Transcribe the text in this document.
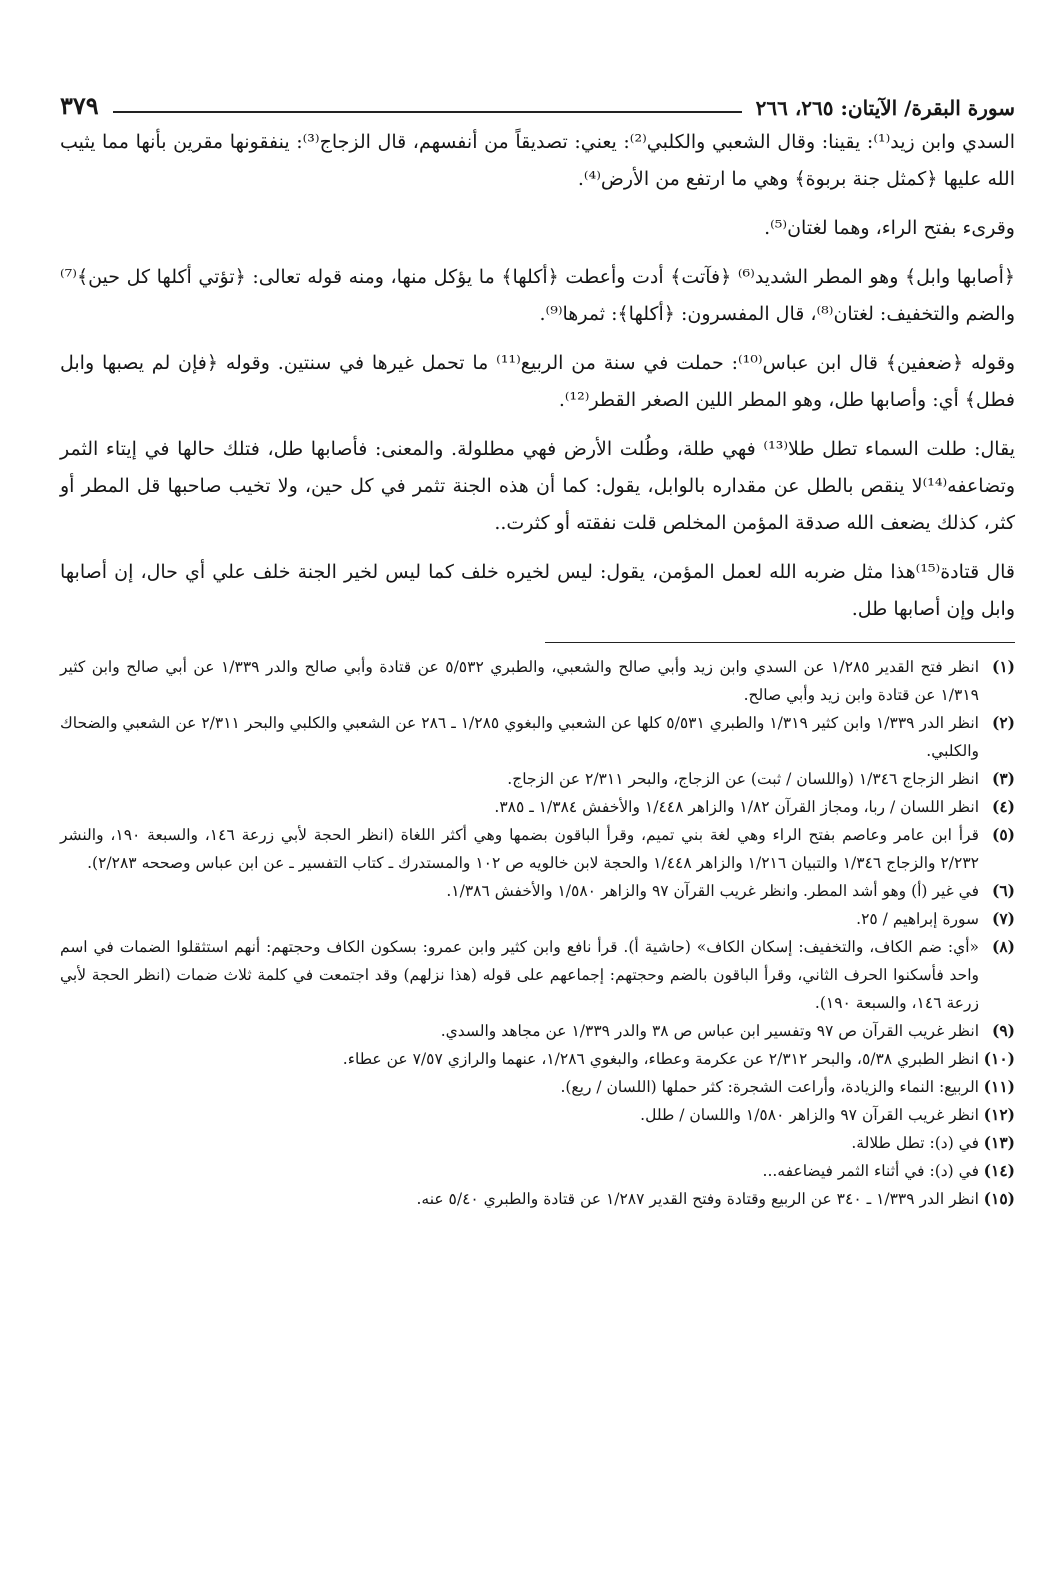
سورة البقرة/ الآيتان: ٢٦٥، ٢٦٦
٣٧٩

السدي وابن زيد⁽¹⁾: يقينا: وقال الشعبي والكلبي⁽²⁾: يعني: تصديقاً من أنفسهم، قال الزجاج⁽³⁾: ينفقونها مقرين بأنها مما يثيب الله عليها ﴿كمثل جنة بربوة﴾ وهي ما ارتفع من الأرض⁽⁴⁾.

وقرىء بفتح الراء، وهما لغتان⁽⁵⁾.

﴿أصابها وابل﴾ وهو المطر الشديد⁽⁶⁾ ﴿فآتت﴾ أدت وأعطت ﴿أكلها﴾ ما يؤكل منها، ومنه قوله تعالى: ﴿تؤتي أكلها كل حين﴾⁽⁷⁾ والضم والتخفيف: لغتان⁽⁸⁾، قال المفسرون: ﴿أكلها﴾: ثمرها⁽⁹⁾.

وقوله ﴿ضعفين﴾ قال ابن عباس⁽¹⁰⁾: حملت في سنة من الربيع⁽¹¹⁾ ما تحمل غيرها في سنتين. وقوله ﴿فإن لم يصبها وابل فطل﴾ أي: وأصابها طل، وهو المطر اللين الصغر القطر⁽¹²⁾.

يقال: طلت السماء تطل طلا⁽¹³⁾ فهي طلة، وطُلت الأرض فهي مطلولة. والمعنى: فأصابها طل، فتلك حالها في إيتاء الثمر وتضاعفه⁽¹⁴⁾لا ينقص بالطل عن مقداره بالوابل، يقول: كما أن هذه الجنة تثمر في كل حين، ولا تخيب صاحبها قل المطر أو كثر، كذلك يضعف الله صدقة المؤمن المخلص قلت نفقته أو كثرت..

قال قتادة⁽¹⁵⁾هذا مثل ضربه الله لعمل المؤمن، يقول: ليس لخيره خلف كما ليس لخير الجنة خلف علي أي حال، إن أصابها وابل وإن أصابها طل.

(١)
انظر فتح القدير ١/٢٨٥ عن السدي وابن زيد وأبي صالح والشعبي، والطبري ٥/٥٣٢ عن قتادة وأبي صالح والدر ١/٣٣٩ عن أبي صالح وابن كثير ١/٣١٩ عن قتادة وابن زيد وأبي صالح.
(٢)
انظر الدر ١/٣٣٩ وابن كثير ١/٣١٩ والطبري ٥/٥٣١ كلها عن الشعبي والبغوي ١/٢٨٥ ـ ٢٨٦ عن الشعبي والكلبي والبحر ٢/٣١١ عن الشعبي والضحاك والكلبي.
(٣)
انظر الزجاج ١/٣٤٦ (واللسان / ثبت) عن الزجاج، والبحر ٢/٣١١ عن الزجاج.
(٤)
انظر اللسان / ربا، ومجاز القرآن ١/٨٢ والزاهر ١/٤٤٨ والأخفش ١/٣٨٤ ـ ٣٨٥.
(٥)
قرأ ابن عامر وعاصم بفتح الراء وهي لغة بني تميم، وقرأ الباقون بضمها وهي أكثر اللغاة (انظر الحجة لأبي زرعة ١٤٦، والسبعة ١٩٠، والنشر ٢/٢٣٢ والزجاج ١/٣٤٦ والتبيان ١/٢١٦ والزاهر ١/٤٤٨ والحجة لابن خالويه ص ١٠٢ والمستدرك ـ كتاب التفسير ـ عن ابن عباس وصححه ٢/٢٨٣).
(٦)
في غير (أ) وهو أشد المطر. وانظر غريب القرآن ٩٧ والزاهر ١/٥٨٠ والأخفش ١/٣٨٦.
(٧)
سورة إبراهيم / ٢٥.
(٨)
«أي: ضم الكاف، والتخفيف: إسكان الكاف» (حاشية أ). قرأ نافع وابن كثير وابن عمرو: بسكون الكاف وحجتهم: أنهم استثقلوا الضمات في اسم واحد فأسكنوا الحرف الثاني، وقرأ الباقون بالضم وحجتهم: إجماعهم على قوله (هذا نزلهم) وقد اجتمعت في كلمة ثلاث ضمات (انظر الحجة لأبي زرعة ١٤٦، والسبعة ١٩٠).
(٩)
انظر غريب القرآن ص ٩٧ وتفسير ابن عباس ص ٣٨ والدر ١/٣٣٩ عن مجاهد والسدي.
(١٠)
انظر الطبري ٥/٣٨، والبحر ٢/٣١٢ عن عكرمة وعطاء، والبغوي ١/٢٨٦، عنهما والرازي ٧/٥٧ عن عطاء.
(١١)
الربيع: النماء والزيادة، وأراعت الشجرة: كثر حملها (اللسان / ريع).
(١٢)
انظر غريب القرآن ٩٧ والزاهر ١/٥٨٠ واللسان / طلل.
(١٣)
في (د): تطل طلالة.
(١٤)
في (د): في أثناء الثمر فيضاعفه...
(١٥)
انظر الدر ١/٣٣٩ ـ ٣٤٠ عن الربيع وقتادة وفتح القدير ١/٢٨٧ عن قتادة والطبري ٥/٤٠ عنه.
